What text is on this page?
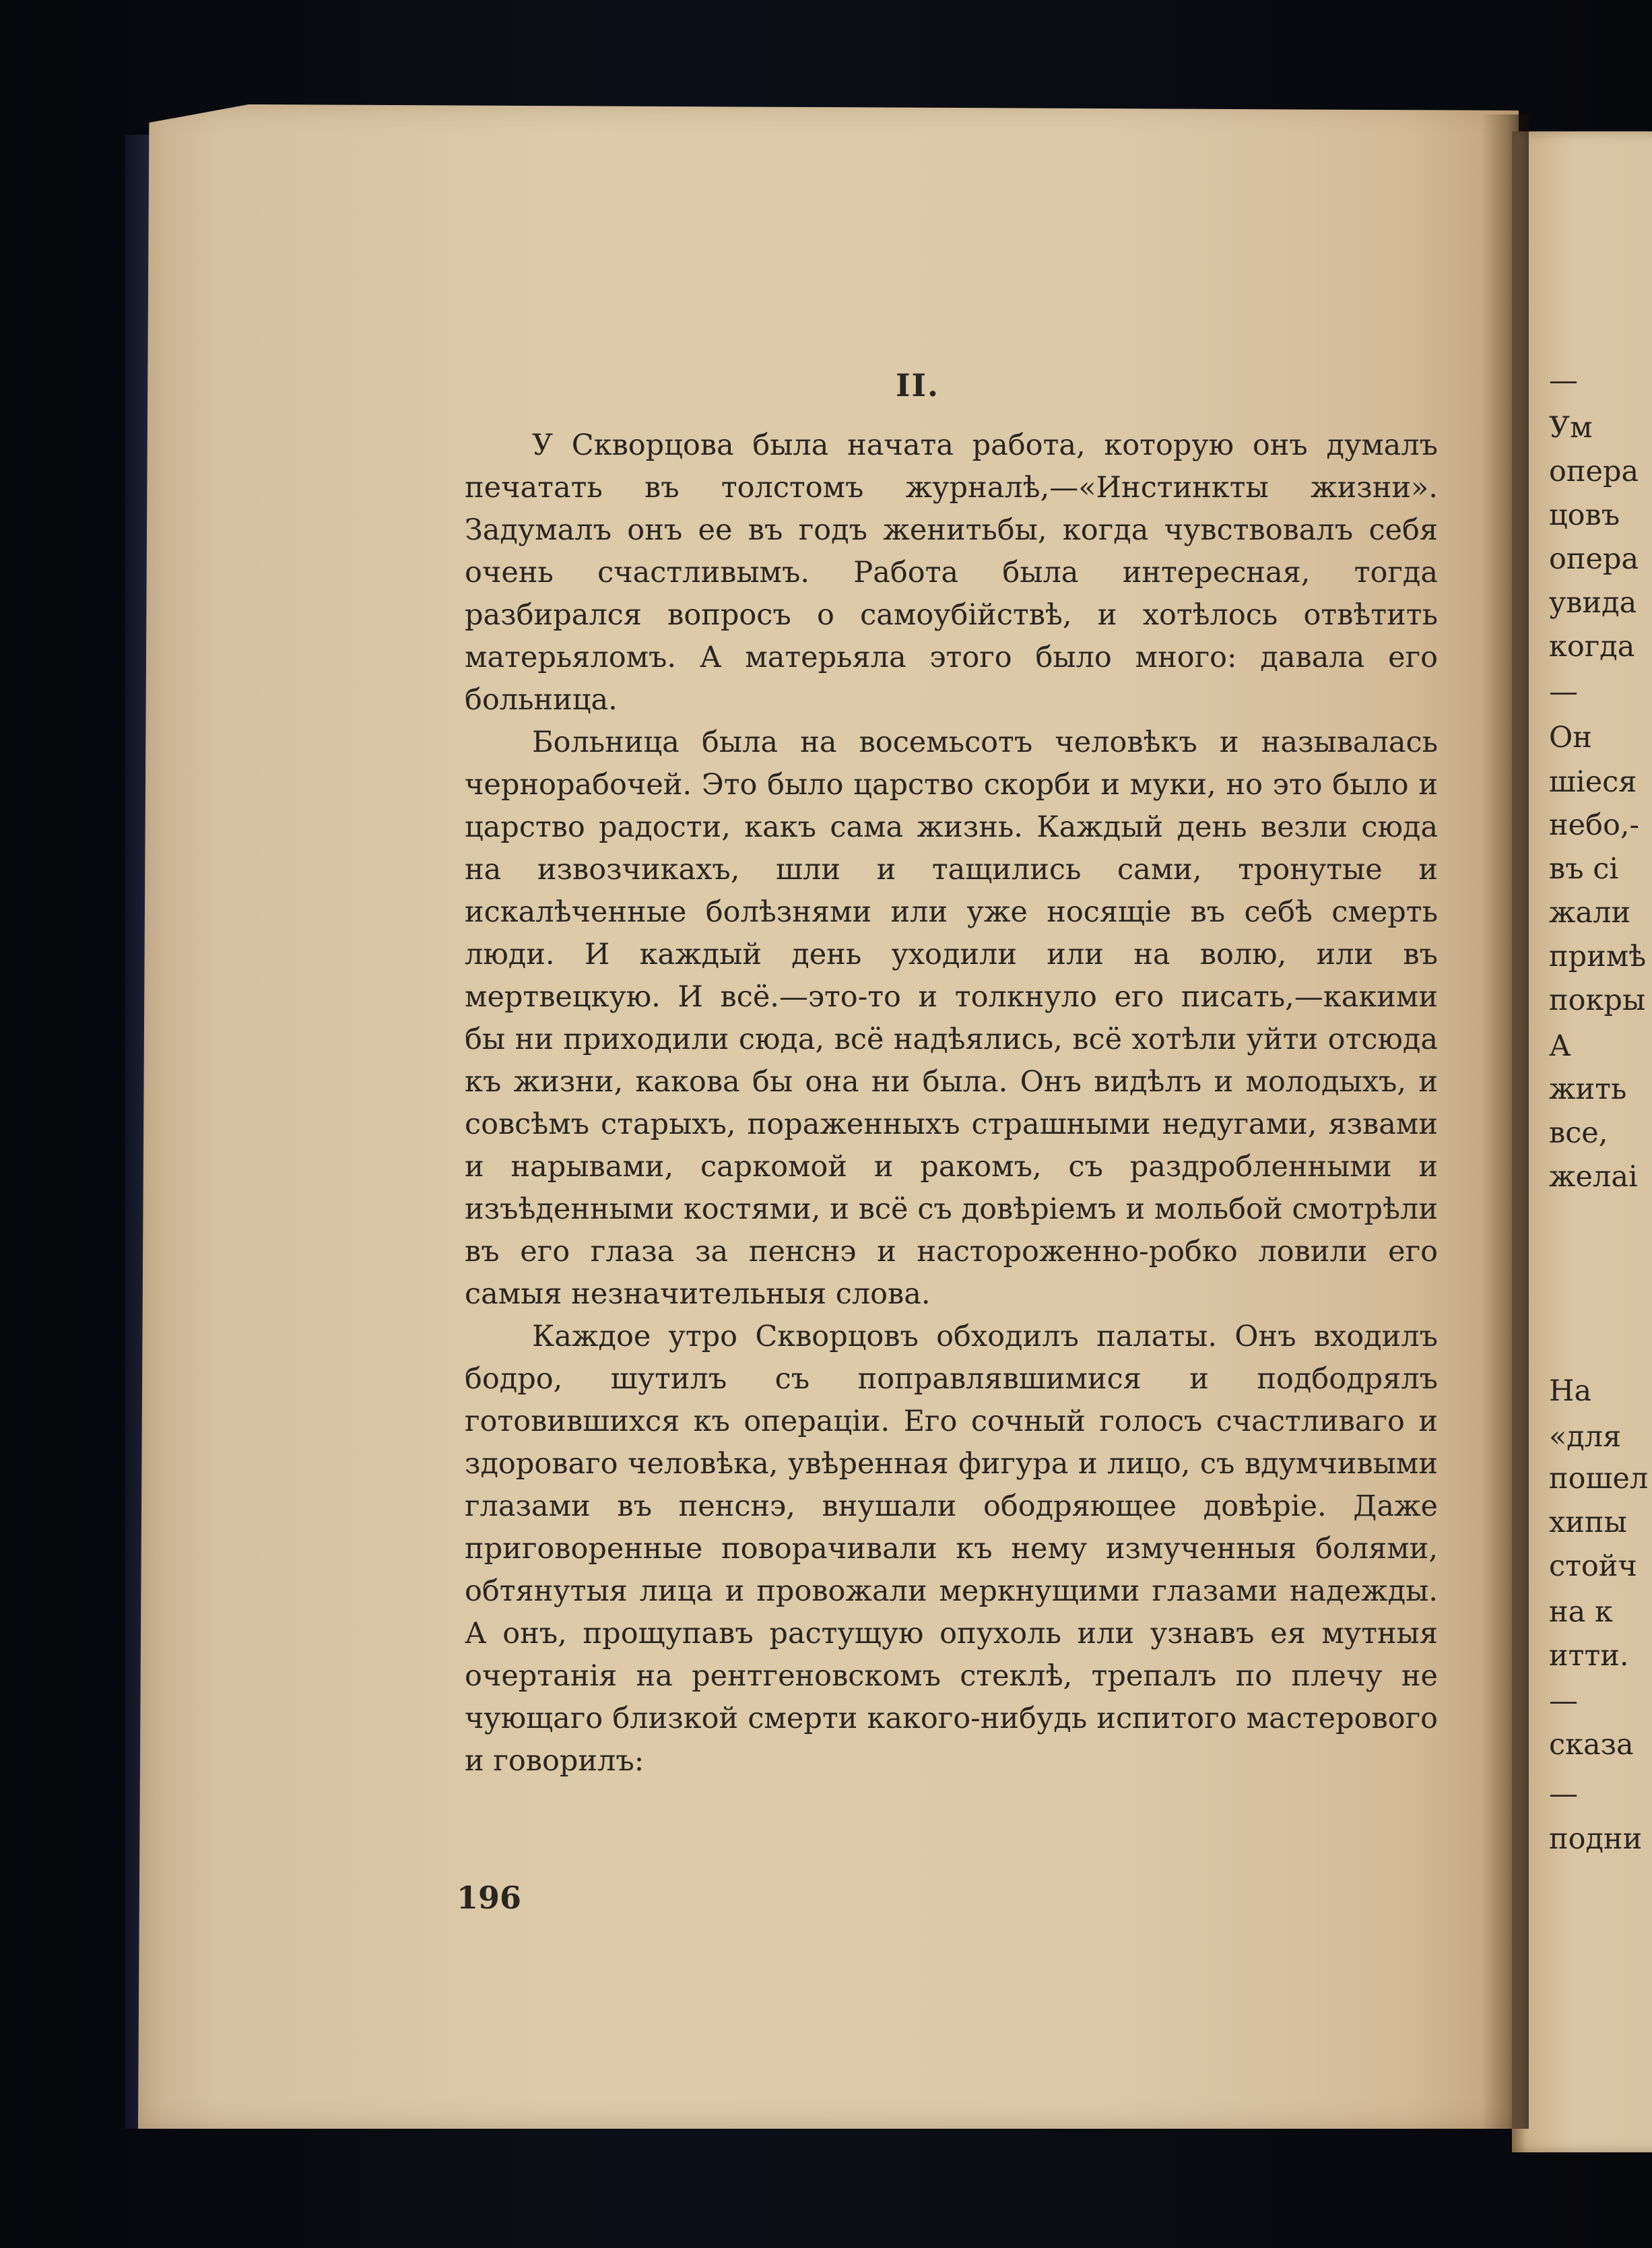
II.

У Скворцова была начата работа, которую онъ думалъ печатать въ толстомъ журналѣ,—«Инстинкты жизни». Задумалъ онъ ее въ годъ женитьбы, когда чувствовалъ себя очень счастливымъ. Работа была интересная, тогда разбирался вопросъ о самоубійствѣ, и хотѣлось отвѣтить матерьяломъ. А матерьяла этого было много: давала его больница.

Больница была на восемьсотъ человѣкъ и называлась чернорабочей. Это было царство скорби и муки, но это было и царство радости, какъ сама жизнь. Каждый день везли сюда на извозчикахъ, шли и тащились сами, тронутые и искалѣченные болѣзнями или уже носящіе въ себѣ смерть люди. И каждый день уходили или на волю, или въ мертвецкую. И всё.—это-то и толкнуло его писать,—какими бы ни приходили сюда, всё надѣялись, всё хотѣли уйти отсюда къ жизни, какова бы она ни была. Онъ видѣлъ и молодыхъ, и совсѣмъ старыхъ, пораженныхъ страшными недугами, язвами и нарывами, саркомой и ракомъ, съ раздробленными и изъѣденными костями, и всё съ довѣріемъ и мольбой смотрѣли въ его глаза за пенснэ и настороженно-робко ловили его самыя незначительныя слова.

Каждое утро Скворцовъ обходилъ палаты. Онъ входилъ бодро, шутилъ съ поправлявшимися и подбодрялъ готовившихся къ операціи. Его сочный голосъ счастливаго и здороваго человѣка, увѣренная фигура и лицо, съ вдумчивыми глазами въ пенснэ, внушали ободряющее довѣріе. Даже приговоренные поворачивали къ нему измученныя болями, обтянутыя лица и провожали меркнущими глазами надежды. А онъ, прощупавъ растущую опухоль или узнавъ ея мутныя очертанія на рентгеновскомъ стеклѣ, трепалъ по плечу не чующаго близкой смерти какого-нибудь испитого мастерового и говорилъ:

196

—
Ум
опера
цовъ
опера
увида
когда
—
Он
шіеся
небо,-
въ сі
жали
примѣ
покры
А
жить
все,
желаі
На
«для
пошел
хипы
стойч
на к
итти.
—
сказа
—
подни
